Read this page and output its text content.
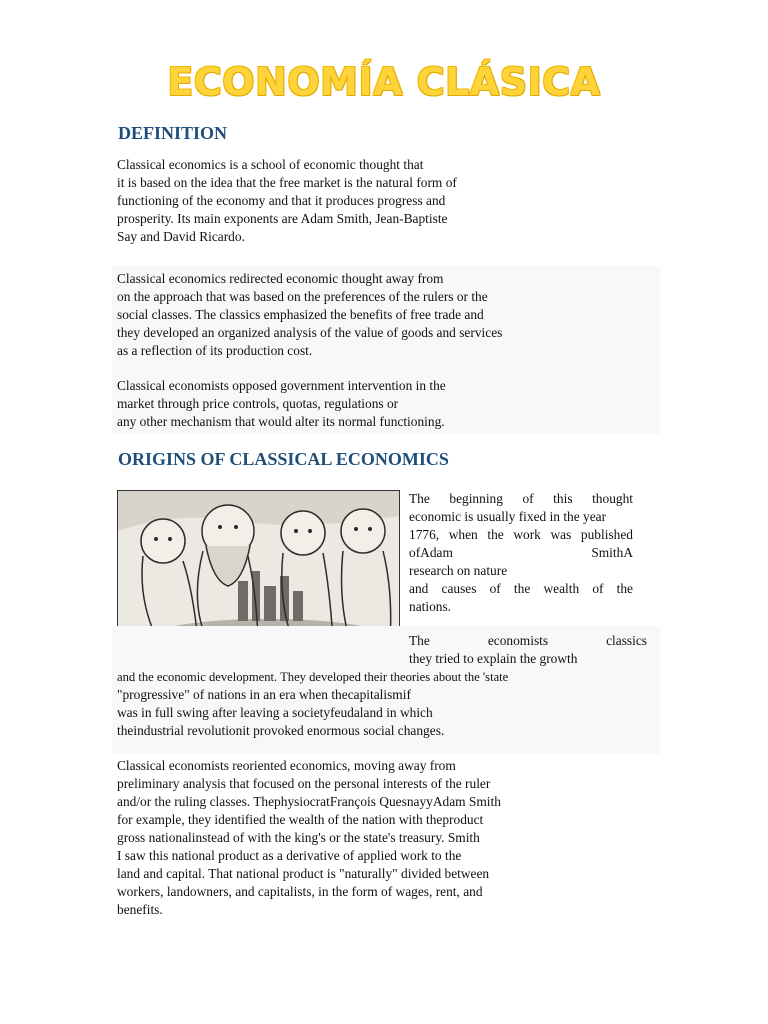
ECONOMÍA CLÁSICA
DEFINITION
Classical economics is a school of economic thought that
it is based on the idea that the free market is the natural form of
functioning of the economy and that it produces progress and
prosperity. Its main exponents are Adam Smith, Jean-Baptiste
Say and David Ricardo.
Classical economics redirected economic thought away from
on the approach that was based on the preferences of the rulers or the
social classes. The classics emphasized the benefits of free trade and
they developed an organized analysis of the value of goods and services
as a reflection of its production cost.
Classical economists opposed government intervention in the
market through price controls, quotas, regulations or
any other mechanism that would alter its normal functioning.
ORIGINS OF CLASSICAL ECONOMICS
The beginning of this thought
economic is usually fixed in the year
1776, when the work was published
ofAdam SmithA
research on nature
and causes of the wealth of the
nations.
The economists classics
they tried to explain the growth
and the economic development. They developed their theories about the 'state
"progressive" of nations in an era when thecapitalismif
was in full swing after leaving a societyfeudaland in which
theindustrial revolutionit provoked enormous social changes.
Classical economists reoriented economics, moving away from
preliminary analysis that focused on the personal interests of the ruler
and/or the ruling classes. ThephysiocratFrançois QuesnayyAdam Smith
for example, they identified the wealth of the nation with theproduct
gross nationalinstead of with the king's or the state's treasury. Smith
I saw this national product as a derivative of applied work to the
land and capital. That national product is "naturally" divided between
workers, landowners, and capitalists, in the form of wages, rent, and
benefits.
